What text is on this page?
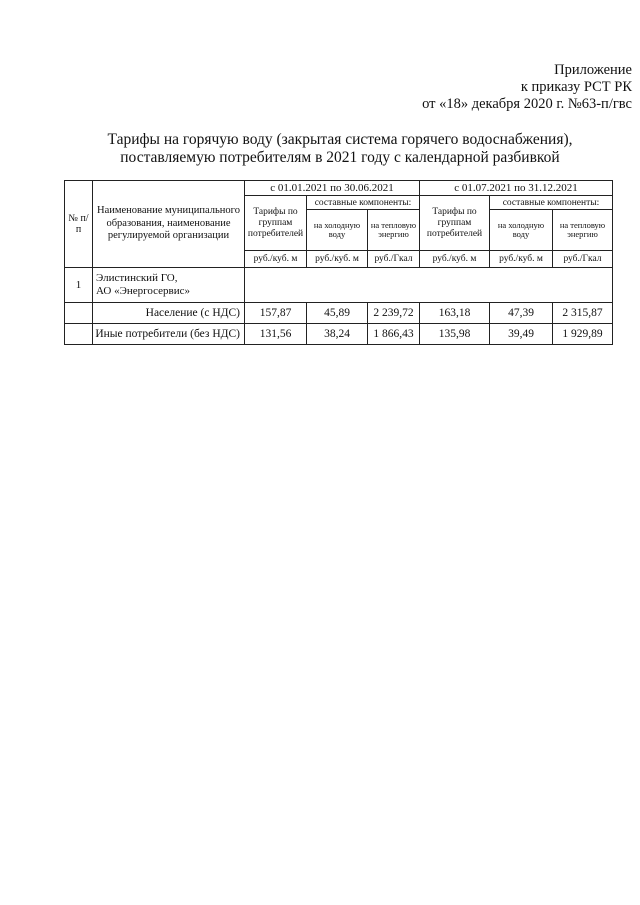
Приложение
к приказу РСТ РК
от «18» декабря 2020 г. №63-п/гвс
Тарифы на горячую воду (закрытая система горячего водоснабжения),
поставляемую потребителям в 2021 году с календарной разбивкой
№ п/п	Наименование муниципального образования, наименование регулируемой организации	с 01.01.2021 по 30.06.2021			с 01.07.2021 по 31.12.2021		
		Тарифы по группам потребителей	составные компоненты:		Тарифы по группам потребителей	составные компоненты:	
			на холодную воду	на тепловую энергию		на холодную воду	на тепловую энергию
		руб./куб. м	руб./куб. м	руб./Гкал	руб./куб. м	руб./куб. м	руб./Гкал
1	Элистинский ГО,
АО «Энергосервис»						

	Население (с НДС)	157,87	45,89	2 239,72	163,18	47,39	2 315,87
	Иные потребители (без НДС)	131,56	38,24	1 866,43	135,98	39,49	1 929,89
